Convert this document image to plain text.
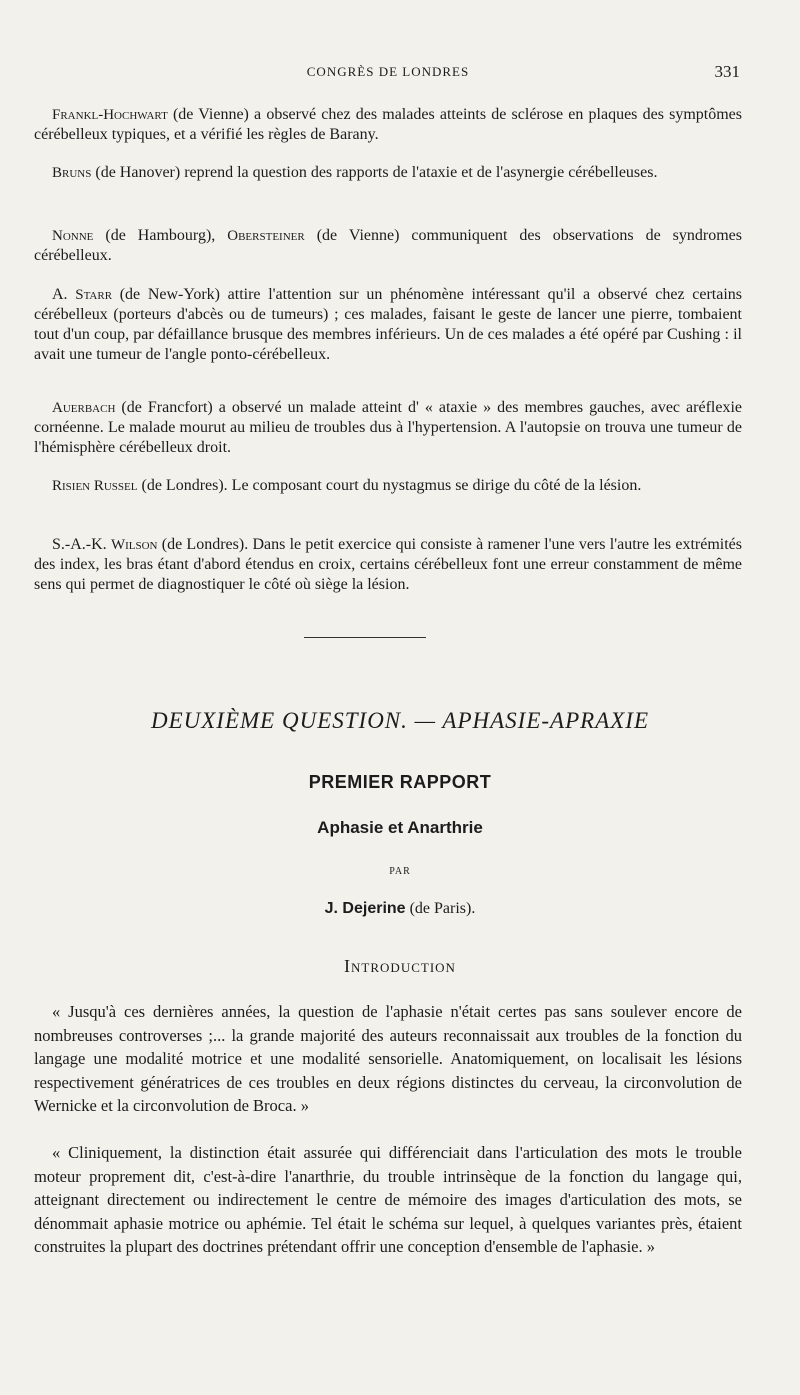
CONGRÈS DE LONDRES	331

Frankl-Hochwart (de Vienne) a observé chez des malades atteints de sclérose en plaques des symptômes cérébelleux typiques, et a vérifié les règles de Barany.

Bruns (de Hanover) reprend la question des rapports de l'ataxie et de l'asynergie cérébelleuses.

Nonne (de Hambourg), Obersteiner (de Vienne) communiquent des observations de syndromes cérébelleux.

A. Starr (de New-York) attire l'attention sur un phénomène intéressant qu'il a observé chez certains cérébelleux (porteurs d'abcès ou de tumeurs) ; ces malades, faisant le geste de lancer une pierre, tombaient tout d'un coup, par défaillance brusque des membres inférieurs. Un de ces malades a été opéré par Cushing : il avait une tumeur de l'angle ponto-cérébelleux.

Auerbach (de Francfort) a observé un malade atteint d' « ataxie » des membres gauches, avec aréflexie cornéenne. Le malade mourut au milieu de troubles dus à l'hypertension. A l'autopsie on trouva une tumeur de l'hémisphère cérébelleux droit.

Risien Russel (de Londres). Le composant court du nystagmus se dirige du côté de la lésion.

S.-A.-K. Wilson (de Londres). Dans le petit exercice qui consiste à ramener l'une vers l'autre les extrémités des index, les bras étant d'abord étendus en croix, certains cérébelleux font une erreur constamment de même sens qui permet de diagnostiquer le côté où siège la lésion.

DEUXIÈME QUESTION. — APHASIE-APRAXIE

PREMIER RAPPORT

Aphasie et Anarthrie

PAR

J. Dejerine (de Paris).

Introduction

« Jusqu'à ces dernières années, la question de l'aphasie n'était certes pas sans soulever encore de nombreuses controverses ;... la grande majorité des auteurs reconnaissait aux troubles de la fonction du langage une modalité motrice et une modalité sensorielle. Anatomiquement, on localisait les lésions respectivement génératrices de ces troubles en deux régions distinctes du cerveau, la circonvolution de Wernicke et la circonvolution de Broca. »

« Cliniquement, la distinction était assurée qui différenciait dans l'articulation des mots le trouble moteur proprement dit, c'est-à-dire l'anarthrie, du trouble intrinsèque de la fonction du langage qui, atteignant directement ou indirectement le centre de mémoire des images d'articulation des mots, se dénommait aphasie motrice ou aphémie. Tel était le schéma sur lequel, à quelques variantes près, étaient construites la plupart des doctrines prétendant offrir une conception d'ensemble de l'aphasie. »
